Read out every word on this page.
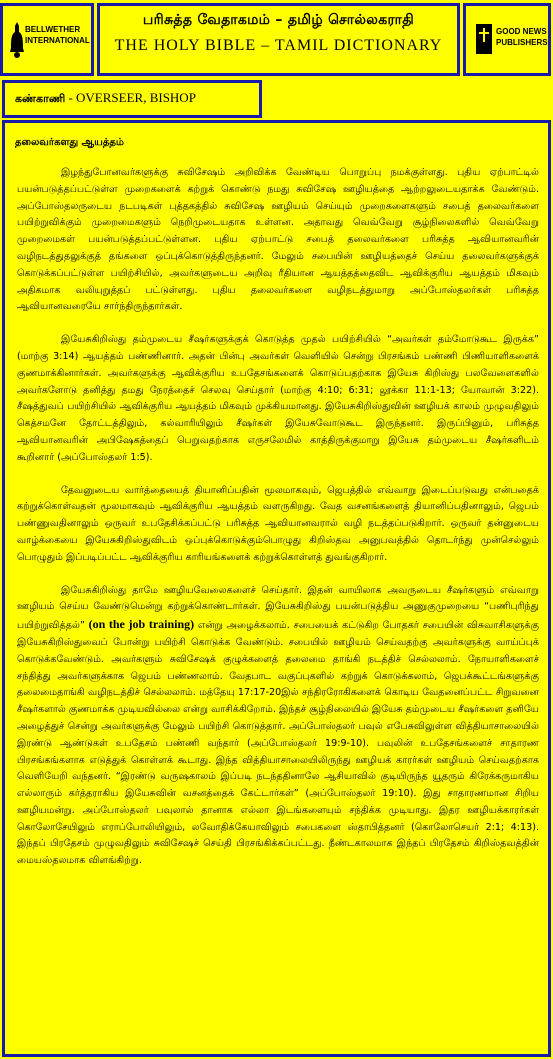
BELLWETHER
INTERNATIONAL
பரிசுத்த வேதாகமம் – தமிழ் சொல்லகராதி
THE HOLY BIBLE – TAMIL DICTIONARY
GOOD NEWS
PUBLISHERS
கண்காணி - OVERSEER, BISHOP
தலைவர்களது ஆயத்தம்

இழந்துபோனவர்களுக்கு சுவிசேஷம் அறிவிக்க வேண்டிய பொறுப்பு நமக்குள்ளது. புதிய ஏற்பாட்டில் பயன்படுத்தப்பட்டுள்ள முறைகளைக் கற்றுக் கொண்டு நமது சுவிசேஷ ஊழியத்தை ஆற்றலுடையதாக்க வேண்டும். அப்போஸ்தலருடைய நடபடிகள் புத்தகத்தில் சுவிசேஷ ஊழியம் செய்யும் முறைகளைகளும் சபைத் தலைவர்களை பயிற்றுவிக்கும் முறைமைகளும் நெறிமுடையதாக உள்ளன. அதாவது வெவ்வேறு சூழ்நிலைகளில் வெவ்வேறு முறைமைகள் பயன்படுத்தப்பட்டுள்ளன. புதிய ஏற்பாட்டு சபைத் தலைவர்களை பரிசுத்த ஆவியானவரின் வழிநடத்துதலுக்குத் தங்களை ஒப்புக்கொடுத்திருந்தனர். மேலும் சபையின் ஊழியத்தைச் செய்ய தலைவர்களுக்குக் கொடுக்கப்பட்டுள்ள பயிற்சியில், அவர்களுடைய அறிவு ரீதியான ஆயத்தத்தைவிட ஆவிக்குரிய ஆயத்தம் மிகவும் அதிகமாக வலியுறுத்தப் பட்டுள்ளது. புதிய தலைவர்களை வழிநடத்துமாறு அப்போஸ்தலர்கள் பரிசுத்த ஆவியானவரையே சார்ந்திருந்தார்கள்.

இயேசுகிறிஸ்து தம்முடைய சீஷர்களுக்குக் கொடுத்த முதல் பயிற்சியில் “அவர்கள் தம்மோடுகூட இருக்க” (மாற்கு 3:14) ஆயத்தம் பண்ணினார். அதன் பின்பு அவர்கள் வெளியில் சென்று பிரசங்கம் பண்ணி பிணியாளிகளைக் குணமாக்கினார்கள். அவர்களுக்கு ஆவிக்குரிய உபதேசங்களைக் கொடுப்பதற்காக இயேசு கிறிஸ்து பலவேளைகளில் அவர்களோடு தனித்து தமது நேரத்தைச் செலவு செய்தார் (மாற்கு 4:10; 6:31; லூக்கா 11:1-13; யோவான் 3:22). சீஷத்துவப் பயிற்சியில் ஆவிக்குரிய ஆயத்தம் மிகவும் முக்கியமானது. இயேசுகிறிஸ்துவின் ஊழியக் காலம் முழுவதிலும் கெத்சமனே தோட்டத்திலும், கல்வாரியிலும் சீஷர்கள் இயேசுவோடுகூட இருந்தனர். இருப்பினும், பரிசுத்த ஆவியானவரின் அபிஷேகத்தைப் பெறுவதற்காக எருசலேமில் காத்திருக்குமாறு இயேசு தம்முடைய சீஷர்களிடம் கூறினார் (அப்போஸ்தலர் 1:5).

தேவனுடைய வார்த்தையைத் தியானிப்பதின் மூலமாகவும், ஜெபத்தில் எவ்வாறு இடைப்படுவது என்பதைக் கற்றுக்கொள்வதன் மூலமாகவும் ஆவிக்குரிய ஆயத்தம் வளருகிறது. வேத வசனங்களைத் தியானிப்பதினாலும், ஜெபம் பண்ணுவதினாலும் ஒருவர் உபதேசிக்கப்பட்டு பரிசுத்த ஆவியானவரால் வழி நடத்தப்படுகிறார். ஒருவர் தன்னுடைய வாழ்க்கையை இயேசுகிறிஸ்துவிடம் ஒப்புக்கொடுக்கும்பொழுது கிறிஸ்தவ அனுபவத்தில் தொடர்ந்து முன்செல்லும் பொழுதும் இப்படிப்பட்ட ஆவிக்குரிய காரியங்களைக் கற்றுக்கொள்ளத் துவங்குகிறார்.

இயேசுகிறிஸ்து தாமே ஊழியவேலைகளைச் செய்தார். இதன் வாயிலாக அவருடைய சீஷர்களும் எவ்வாறு ஊழியம் செய்ய வேண்டுமென்று கற்றுக்கொண்டார்கள். இயேசுகிறிஸ்து பயன்படுத்திய அணுகுமுறையை “பணிபுரிந்து பயிற்றுவித்தல்” (on the job training) என்று அழைக்கலாம். சபையைக் கட்டுகிற போதகர் சபையின் விசுவாசிகளுக்கு இயேசுகிறிஸ்துவைப் போன்று பயிற்சி கொடுக்க வேண்டும். சபையில் ஊழியம் செய்வதற்கு அவர்களுக்கு வாய்ப்புக் கொடுக்கவேண்டும். அவர்களும் சுவிசேஷக் குழுக்களைத் தலைமை தாங்கி நடத்திச் செல்லலாம். நோயாளிகளைச் சந்தித்து அவர்களுக்காக ஜெபம் பண்ணலாம். வேதபாட வகுப்புகளில் கற்றுக் கொடுக்கலாம், ஜெபக்கூட்டங்களுக்கு தலைமைதாங்கி வழிநடத்திச் செல்லலாம். மத்தேயு 17:17-20இல் சந்திரரோகிகளைக் கொடிய வேதனைப்பட்ட சிறுவனை சீஷர்களால் குணமாக்க முடியவில்லை என்று வாசிக்கிறோம். இந்தச் சூழ்நிலையில் இயேசு தம்முடைய சீஷர்களை தனியே அழைத்துச் சென்று அவர்களுக்கு மேலும் பயிற்சி கொடுத்தார். அப்போஸ்தலர் பவுல் எபேசுவிலுள்ள வித்தியாசாலையில் இரண்டு ஆண்டுகள் உபதேசம் பண்ணி வந்தார் (அப்போஸ்தலர் 19:9-10). பவுலின் உபதேசங்களைச் சாதாரண பிரசங்கங்களாக எடுத்துக் கொள்ளக் கூடாது. இந்த வித்தியாசாலையிலிருந்து ஊழியக் காரர்கள் ஊழியம் செய்வதற்காக வெளியேறி வந்தனர். “இரண்டு வருஷகாலம் இப்படி நடந்ததினாலே ஆசியாவில் குடியிருந்த யூதரும் கிரேக்கருமாகிய எல்லாரும் கர்த்தராகிய இயேசுவின் வசனத்தைக் கேட்டார்கள்” (அப்போஸ்தலர் 19:10). இது சாதாரணமான சிறிய ஊழியமன்று. அப்போஸ்தலர் பவுலால் தானாக எல்லா இடங்களையும் சந்திக்க முடியாது. இதர ஊழியக்காரர்கள் கொலோசேயிலும் எராப்போலியிலும், லவோதிக்கேயாவிலும் சபைகளை ஸ்தாபித்தனர் (கொலோசெயர் 2:1; 4:13). இந்தப் பிரதேசம் முழுவதிலும் சுவிசேஷச் செய்தி பிரசங்கிக்கப்பட்டது. நீண்டகாலமாக இந்தப் பிரதேசம் கிறிஸ்தவத்தின் மையஸ்தலமாக விளங்கிற்று.
